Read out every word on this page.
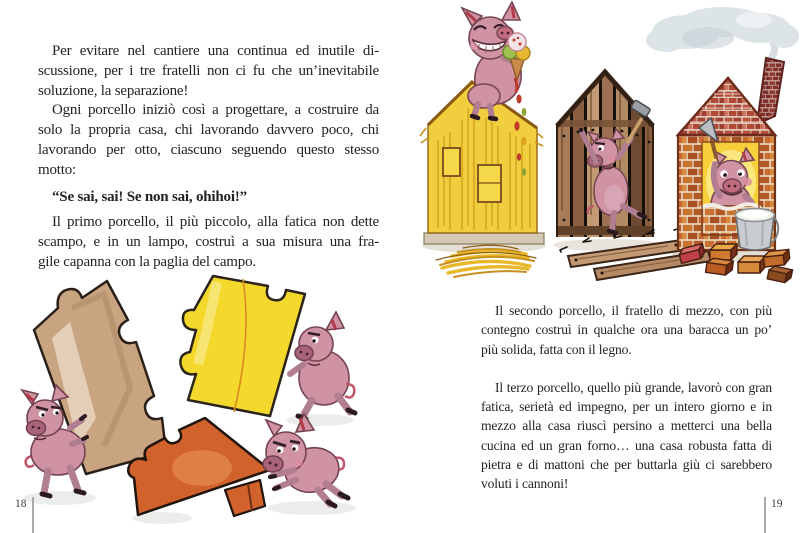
Per evitare nel cantiere una continua ed inutile di-
scussione, per i tre fratelli non ci fu che un’inevitabile
soluzione, la separazione!
Ogni porcello iniziò così a progettare, a costruire da
solo la propria casa, chi lavorando davvero poco, chi
lavorando per otto, ciascuno seguendo questo stesso
motto:

“Se sai, sai! Se non sai, ohihoi!”

Il primo porcello, il più piccolo, alla fatica non dette
scampo, e in un lampo, costruì a sua misura una fra-
gile capanna con la paglia del campo.
18
Il secondo porcello, il fratello di mezzo, con più
contegno costruì in qualche ora una baracca un po’
più solida, fatta con il legno.
Il terzo porcello, quello più grande, lavorò con gran
fatica, serietà ed impegno, per un intero giorno e in
mezzo alla casa riuscì persino a metterci una bella
cucina ed un gran forno… una casa robusta fatta di
pietra e di mattoni che per buttarla giù ci sarebbero
voluti i cannoni!
19
